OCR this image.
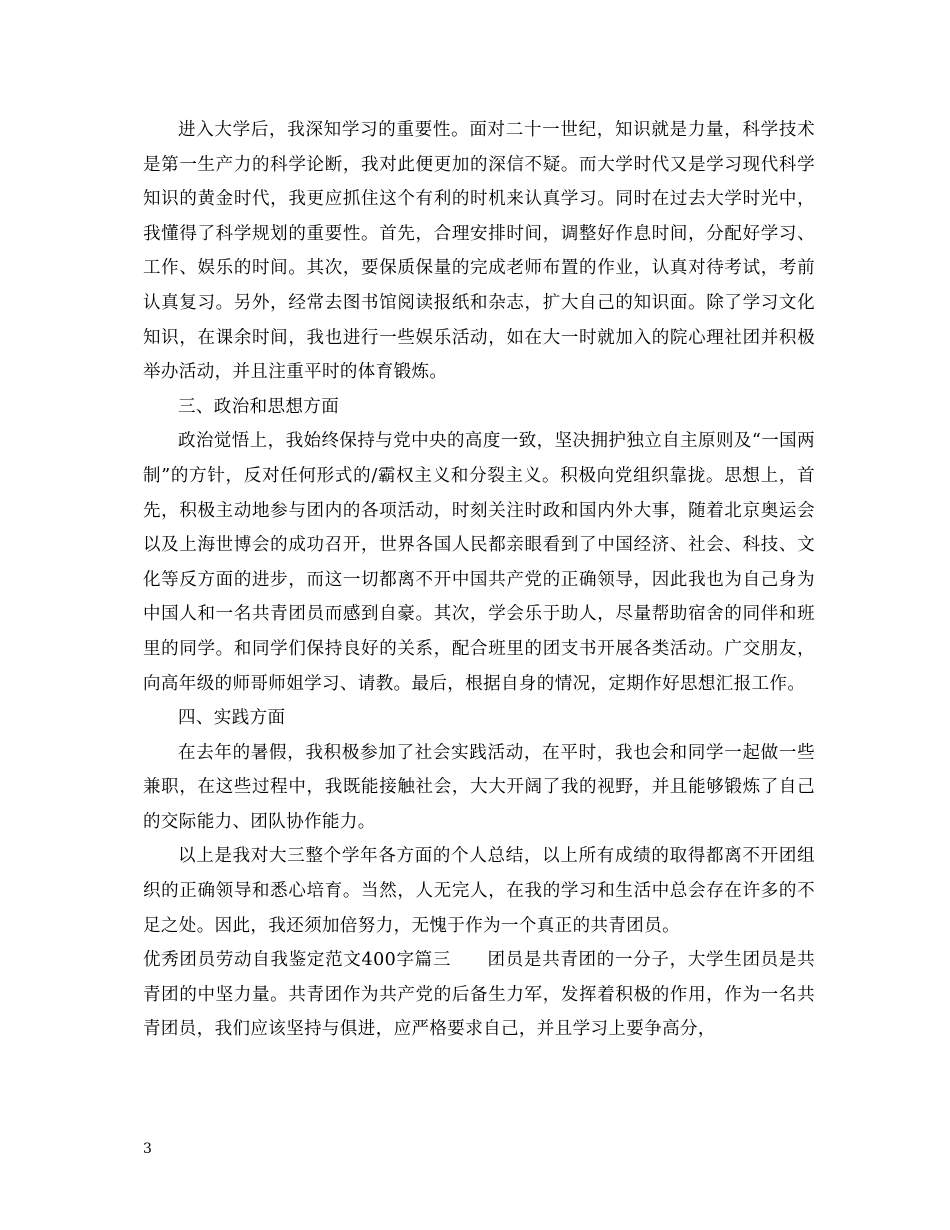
进入大学后，我深知学习的重要性。面对二十一世纪，知识就是力量，科学技术是第一生产力的科学论断，我对此便更加的深信不疑。而大学时代又是学习现代科学知识的黄金时代，我更应抓住这个有利的时机来认真学习。同时在过去大学时光中，我懂得了科学规划的重要性。首先，合理安排时间，调整好作息时间，分配好学习、工作、娱乐的时间。其次，要保质保量的完成老师布置的作业，认真对待考试，考前认真复习。另外，经常去图书馆阅读报纸和杂志，扩大自己的知识面。除了学习文化知识，在课余时间，我也进行一些娱乐活动，如在大一时就加入的院心理社团并积极举办活动，并且注重平时的体育锻炼。

三、政治和思想方面

政治觉悟上，我始终保持与党中央的高度一致，坚决拥护独立自主原则及“一国两制”的方针，反对任何形式的/霸权主义和分裂主义。积极向党组织靠拢。思想上，首先，积极主动地参与团内的各项活动，时刻关注时政和国内外大事，随着北京奥运会以及上海世博会的成功召开，世界各国人民都亲眼看到了中国经济、社会、科技、文化等反方面的进步，而这一切都离不开中国共产党的正确领导，因此我也为自己身为中国人和一名共青团员而感到自豪。其次，学会乐于助人，尽量帮助宿舍的同伴和班里的同学。和同学们保持良好的关系，配合班里的团支书开展各类活动。广交朋友，向高年级的师哥师姐学习、请教。最后，根据自身的情况，定期作好思想汇报工作。

四、实践方面

在去年的暑假，我积极参加了社会实践活动，在平时，我也会和同学一起做一些兼职，在这些过程中，我既能接触社会，大大开阔了我的视野，并且能够锻炼了自己的交际能力、团队协作能力。

以上是我对大三整个学年各方面的个人总结，以上所有成绩的取得都离不开团组织的正确领导和悉心培育。当然，人无完人，在我的学习和生活中总会存在许多的不足之处。因此，我还须加倍努力，无愧于作为一个真正的共青团员。

优秀团员劳动自我鉴定范文400字篇三　　团员是共青团的一分子，大学生团员是共青团的中坚力量。共青团作为共产党的后备生力军，发挥着积极的作用，作为一名共青团员，我们应该坚持与俱进，应严格要求自己，并且学习上要争高分，

3
